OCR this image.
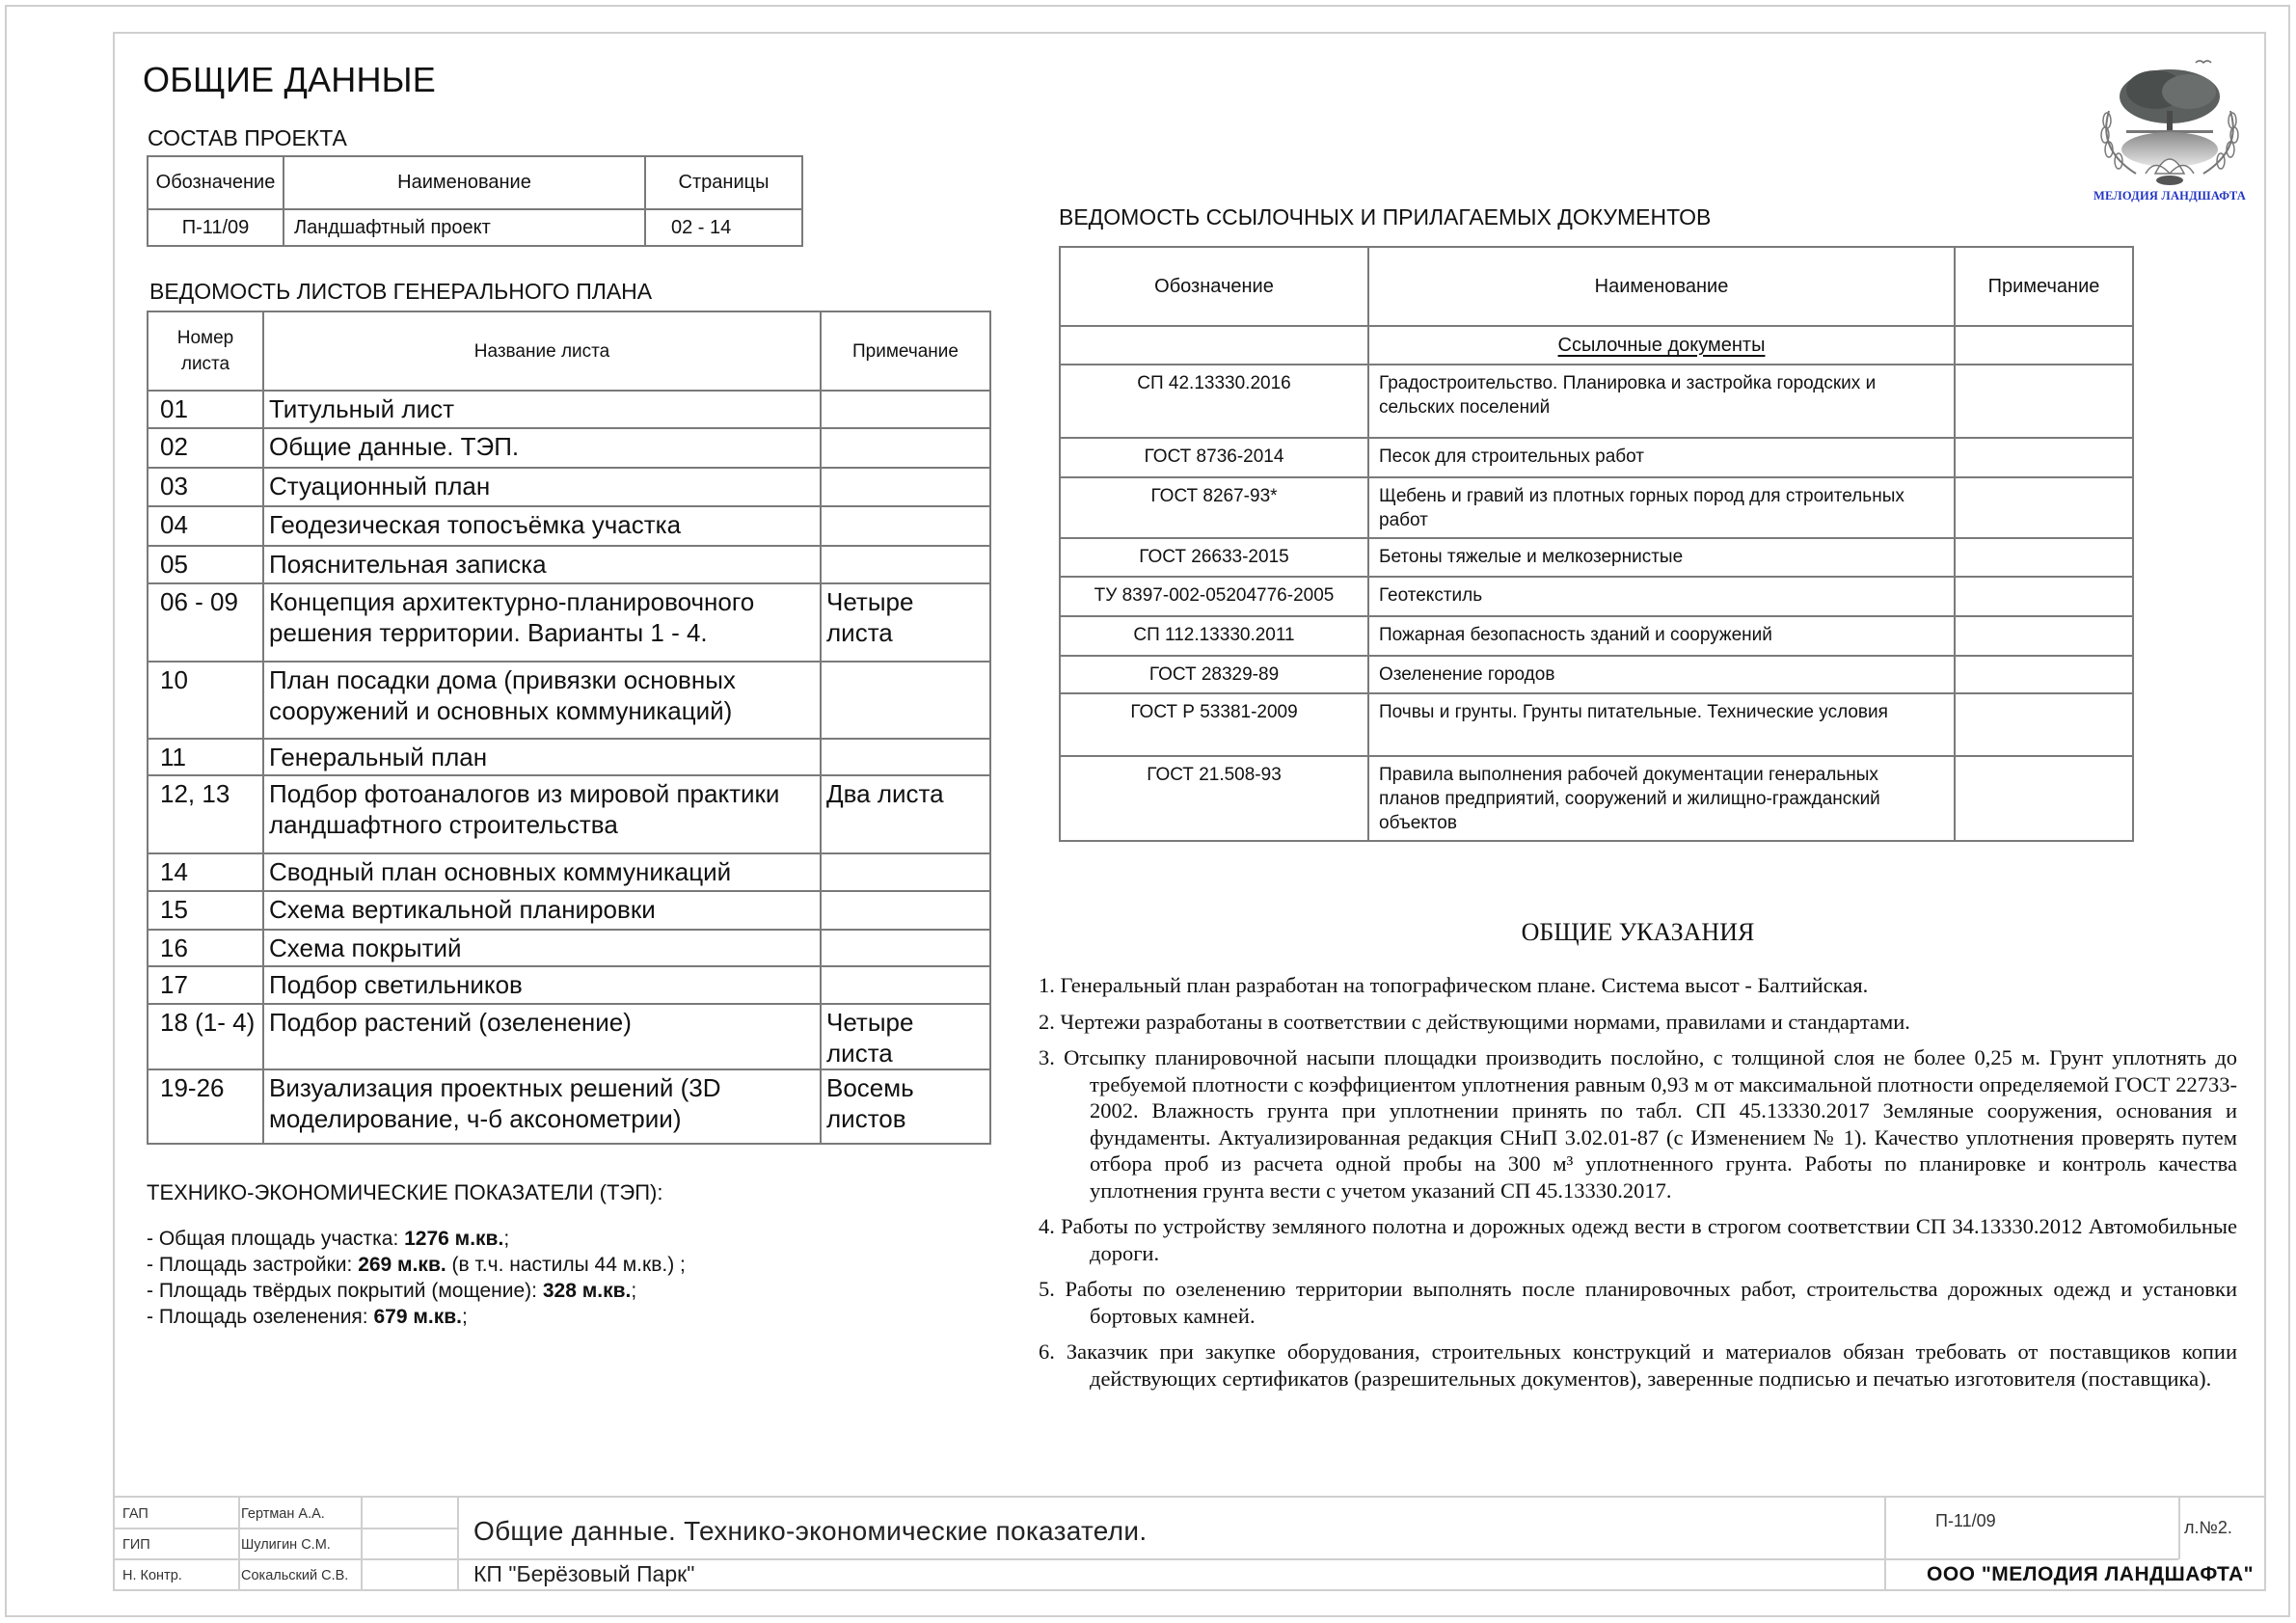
ОБЩИЕ ДАННЫЕ
СОСТАВ ПРОЕКТА
Обозначение	Наименование	Страницы
П-11/09	Ландшафтный проект	02 - 14
ВЕДОМОСТЬ ЛИСТОВ ГЕНЕРАЛЬНОГО ПЛАНА
Номер листа	Название листа	Примечание
01	Титульный лист	
02	Общие данные. ТЭП.	
03	Стуационный план	
04	Геодезическая топосъёмка участка	
05	Пояснительная записка	
06 - 09	Концепция архитектурно-планировочного решения территории. Варианты 1 - 4.	Четыре листа
10	План посадки дома (привязки основных сооружений и основных коммуникаций)	
11	Генеральный план	
12, 13	Подбор фотоаналогов из мировой практики ландшафтного строительства	Два листа
14	Сводный план основных коммуникаций	
15	Схема вертикальной планировки	
16	Схема покрытий	
17	Подбор светильников	
18 (1- 4)	Подбор растений (озеленение)	Четыре листа
19-26	Визуализация проектных решений (3D моделирование, ч-б аксонометрии)	Восемь листов
ТЕХНИКО-ЭКОНОМИЧЕСКИЕ ПОКАЗАТЕЛИ (ТЭП):
- Общая площадь участка: 1276 м.кв.;
- Площадь застройки: 269 м.кв. (в т.ч. настилы 44 м.кв.) ;
- Площадь твёрдых покрытий (мощение): 328 м.кв.;
- Площадь озеленения: 679 м.кв.;
МЕЛОДИЯ ЛАНДШАФТА
ВЕДОМОСТЬ ССЫЛОЧНЫХ И ПРИЛАГАЕМЫХ ДОКУМЕНТОВ
Обозначение	Наименование	Примечание
	Ссылочные документы	
СП 42.13330.2016	Градостроительство. Планировка и застройка городских и сельских поселений	
ГОСТ 8736-2014	Песок для строительных работ	
ГОСТ 8267-93*	Щебень и гравий из плотных горных пород для строительных работ	
ГОСТ 26633-2015	Бетоны тяжелые и мелкозернистые	
ТУ 8397-002-05204776-2005	Геотекстиль	
СП 112.13330.2011	Пожарная безопасность зданий и сооружений	
ГОСТ 28329-89	Озеленение городов	
ГОСТ Р 53381-2009	Почвы и грунты. Грунты питательные. Технические условия	
ГОСТ 21.508-93	Правила выполнения рабочей документации генеральных планов предприятий, сооружений и жилищно-гражданский объектов	
ОБЩИЕ УКАЗАНИЯ
1. Генеральный план разработан на топографическом плане. Система высот - Балтийская.
2. Чертежи разработаны в соответствии с действующими нормами, правилами и стандартами.
3. Отсыпку планировочной насыпи площадки производить послойно, с толщиной слоя не более 0,25 м. Грунт уплотнять до требуемой плотности с коэффициентом уплотнения равным 0,93 м от максимальной плотности определяемой ГОСТ 22733-2002. Влажность грунта при уплотнении принять по табл. СП 45.13330.2017 Земляные сооружения, основания и фундаменты. Актуализированная редакция СНиП 3.02.01-87 (с Изменением № 1). Качество уплотнения проверять путем отбора проб из расчета одной пробы на 300 м³ уплотненного грунта. Работы по планировке и контроль качества уплотнения грунта вести с учетом указаний СП 45.13330.2017.
4. Работы по устройству земляного полотна и дорожных одежд вести в строгом соответствии СП 34.13330.2012 Автомобильные дороги.
5. Работы по озеленению территории выполнять после планировочных работ, строительства дорожных одежд и установки бортовых камней.
6. Заказчик при закупке оборудования, строительных конструкций и материалов обязан требовать от поставщиков копии действующих сертификатов (разрешительных документов), заверенные подписью и печатью изготовителя (поставщика).
ГАП	Гертман А.А.
ГИП	Шулигин С.М.
Н. Контр.	Сокальский С.В.
Общие данные. Технико-экономические показатели.
КП "Берёзовый Парк"
П-11/09	л.№2.
ООО "МЕЛОДИЯ ЛАНДШАФТА"
